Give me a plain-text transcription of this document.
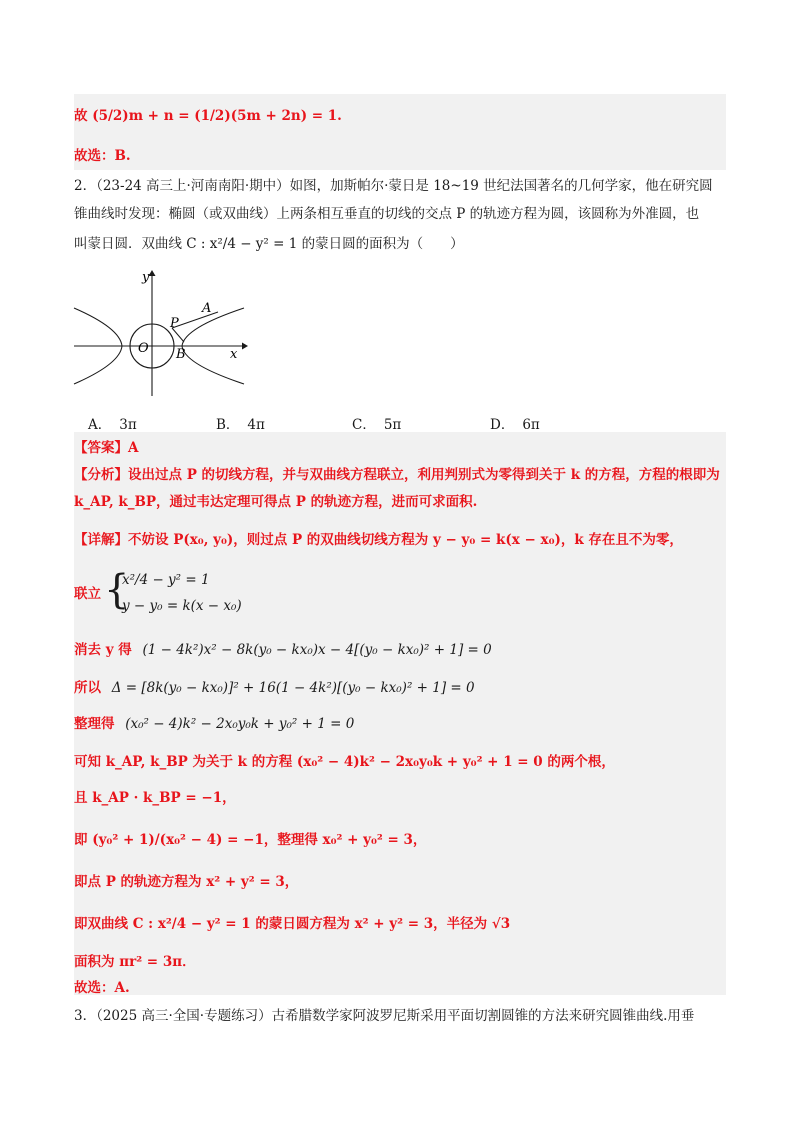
故 (5/2)m + n = (1/2)(5m + 2n) = 1.
故选：B.
2．（23-24 高三上·河南南阳·期中）如图，加斯帕尔·蒙日是 18~19 世纪法国著名的几何学家，他在研究圆
锥曲线时发现：椭圆（或双曲线）上两条相互垂直的切线的交点 P 的轨迹方程为圆，该圆称为外准圆，也
叫蒙日圆．双曲线 C : x²/4 − y² = 1 的蒙日圆的面积为（　　）
y
x
O
P
A
B
A． 3π	B． 4π	C． 5π	D． 6π
【答案】A
【分析】设出过点 P 的切线方程，并与双曲线方程联立，利用判别式为零得到关于 k 的方程，方程的根即为 k_AP, k_BP，通过韦达定理可得点 P 的轨迹方程，进而可求面积.
【详解】不妨设 P(x₀, y₀)，则过点 P 的双曲线切线方程为 y − y₀ = k(x − x₀)，k 存在且不为零，
联立 {
x²/4 − y² = 1
y − y₀ = k(x − x₀)
消去 y 得 (1 − 4k²)x² − 8k(y₀ − kx₀)x − 4[(y₀ − kx₀)² + 1] = 0
所以 Δ = [8k(y₀ − kx₀)]² + 16(1 − 4k²)[(y₀ − kx₀)² + 1] = 0
整理得 (x₀² − 4)k² − 2x₀y₀k + y₀² + 1 = 0
可知 k_AP, k_BP 为关于 k 的方程 (x₀² − 4)k² − 2x₀y₀k + y₀² + 1 = 0 的两个根，
且 k_AP · k_BP = −1，
即 (y₀² + 1)/(x₀² − 4) = −1，整理得 x₀² + y₀² = 3，
即点 P 的轨迹方程为 x² + y² = 3，
即双曲线 C : x²/4 − y² = 1 的蒙日圆方程为 x² + y² = 3，半径为 √3
面积为 πr² = 3π．
故选：A.
3．（2025 高三·全国·专题练习）古希腊数学家阿波罗尼斯采用平面切割圆锥的方法来研究圆锥曲线.用垂
